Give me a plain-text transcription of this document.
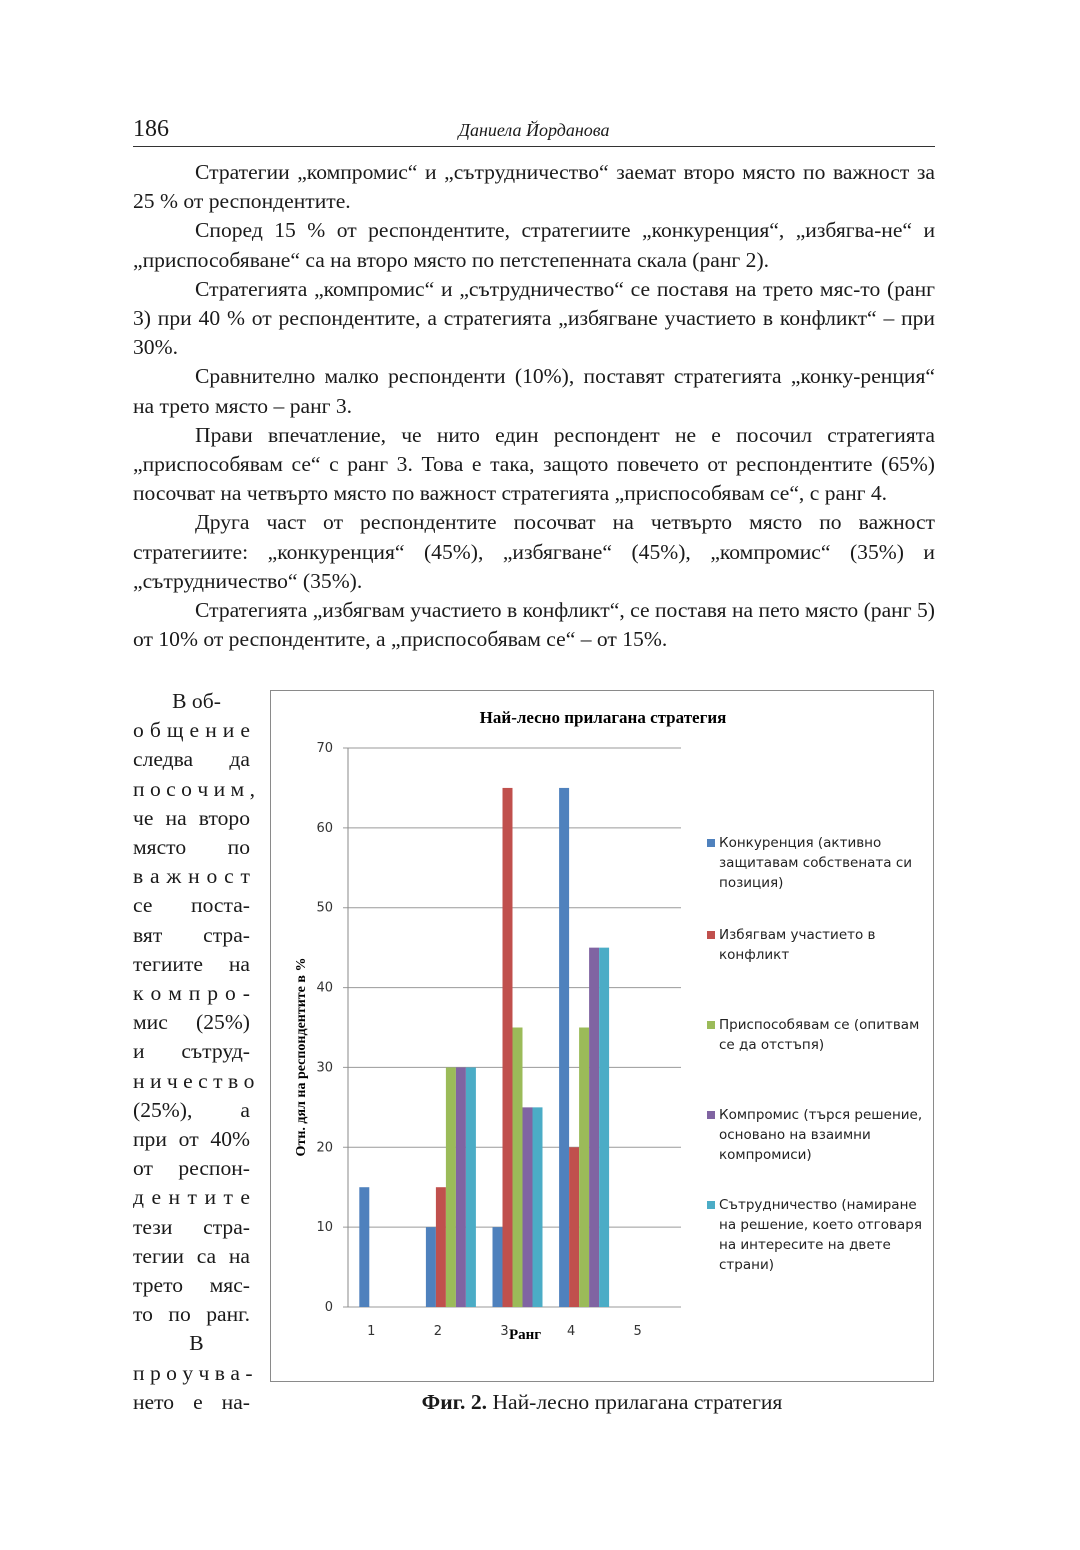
186	Даниела Йорданова

Стратегии „компромис“ и „сътрудничество“ заемат второ място по важност за 25 % от респондентите.

Според 15 % от респондентите, стратегиите „конкуренция“, „избягва-не“ и „приспособяване“ са на второ място по петстепенната скала (ранг 2).

Стратегията „компромис“ и „сътрудничество“ се поставя на трето мяс-то (ранг 3) при 40 % от респондентите, а стратегията „избягване участието в конфликт“ – при 30%.

Сравнително малко респонденти (10%), поставят стратегията „конку-ренция“ на трето място – ранг 3.

Прави впечатление, че нито един респондент не е посочил стратегията „приспособявам се“ с ранг 3. Това е така, защото повечето от респондентите (65%) посочват на четвърто място по важност стратегията „приспособявам се“, с ранг 4.

Друга част от респондентите посочват на четвърто място по важност стратегиите: „конкуренция“ (45%), „избягване“ (45%), „компромис“ (35%) и „сътрудничество“ (35%).

Стратегията „избягвам участието в конфликт“, се поставя на пето място (ранг 5) от 10% от респондентите, а „приспособявам се“ – от 15%.

В об-
о б щ е н и е
следва да
п о с о ч и м ,
че на второ
място по
в а ж н о с т
се поста-
вят стра-
тегиите на
к о м п р о -
мис (25%)
и сътруд-
н и ч е с т в о
(25%), а
при от 40%
от респон-
д е н т и т е
тези стра-
тегии са на
трето мяс-
то по ранг.
В
п р о у ч в а -
нето е на-
Най-лесно прилагана стратегия
0
10
20
30
40
50
60
70
1	2	3	4	5
Ранг
Отн. дял на респондентите в %
Конкуренция (активно защитавам собствената си позиция)
Избягвам участието в конфликт
Приспособявам се (опитвам се да отстъпя)
Компромис (търся решение, основано на взаимни компромиси)
Сътрудничество (намиране на решение, което отговаря на интересите на двете страни)
Фиг. 2. Най-лесно прилагана стратегия
